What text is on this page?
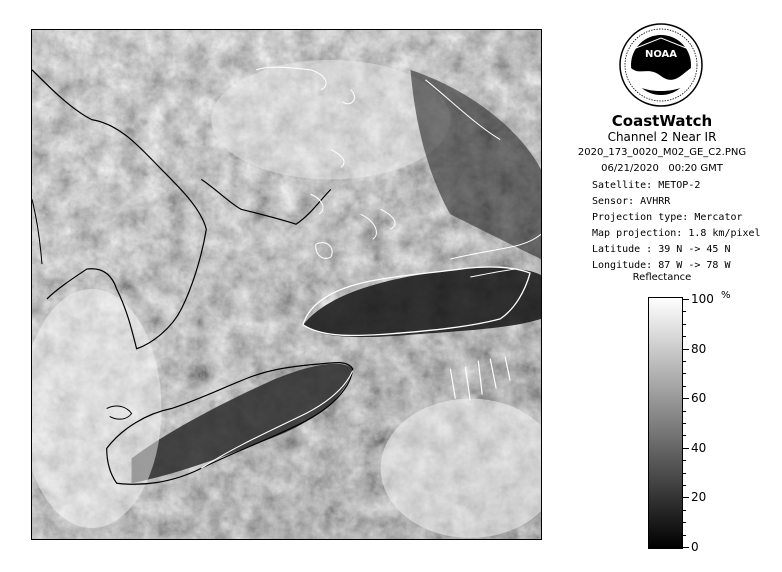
NOAA
CoastWatch
Channel 2 Near IR
2020_173_0020_M02_GE_C2.PNG
06/21/2020   00:20 GMT
Satellite: METOP-2
Sensor: AVHRR
Projection type: Mercator
Map projection: 1.8 km/pixel
Latitude : 39 N -> 45 N
Longitude: 87 W -> 78 W
Reflectance
%
100
80
60
40
20
0
